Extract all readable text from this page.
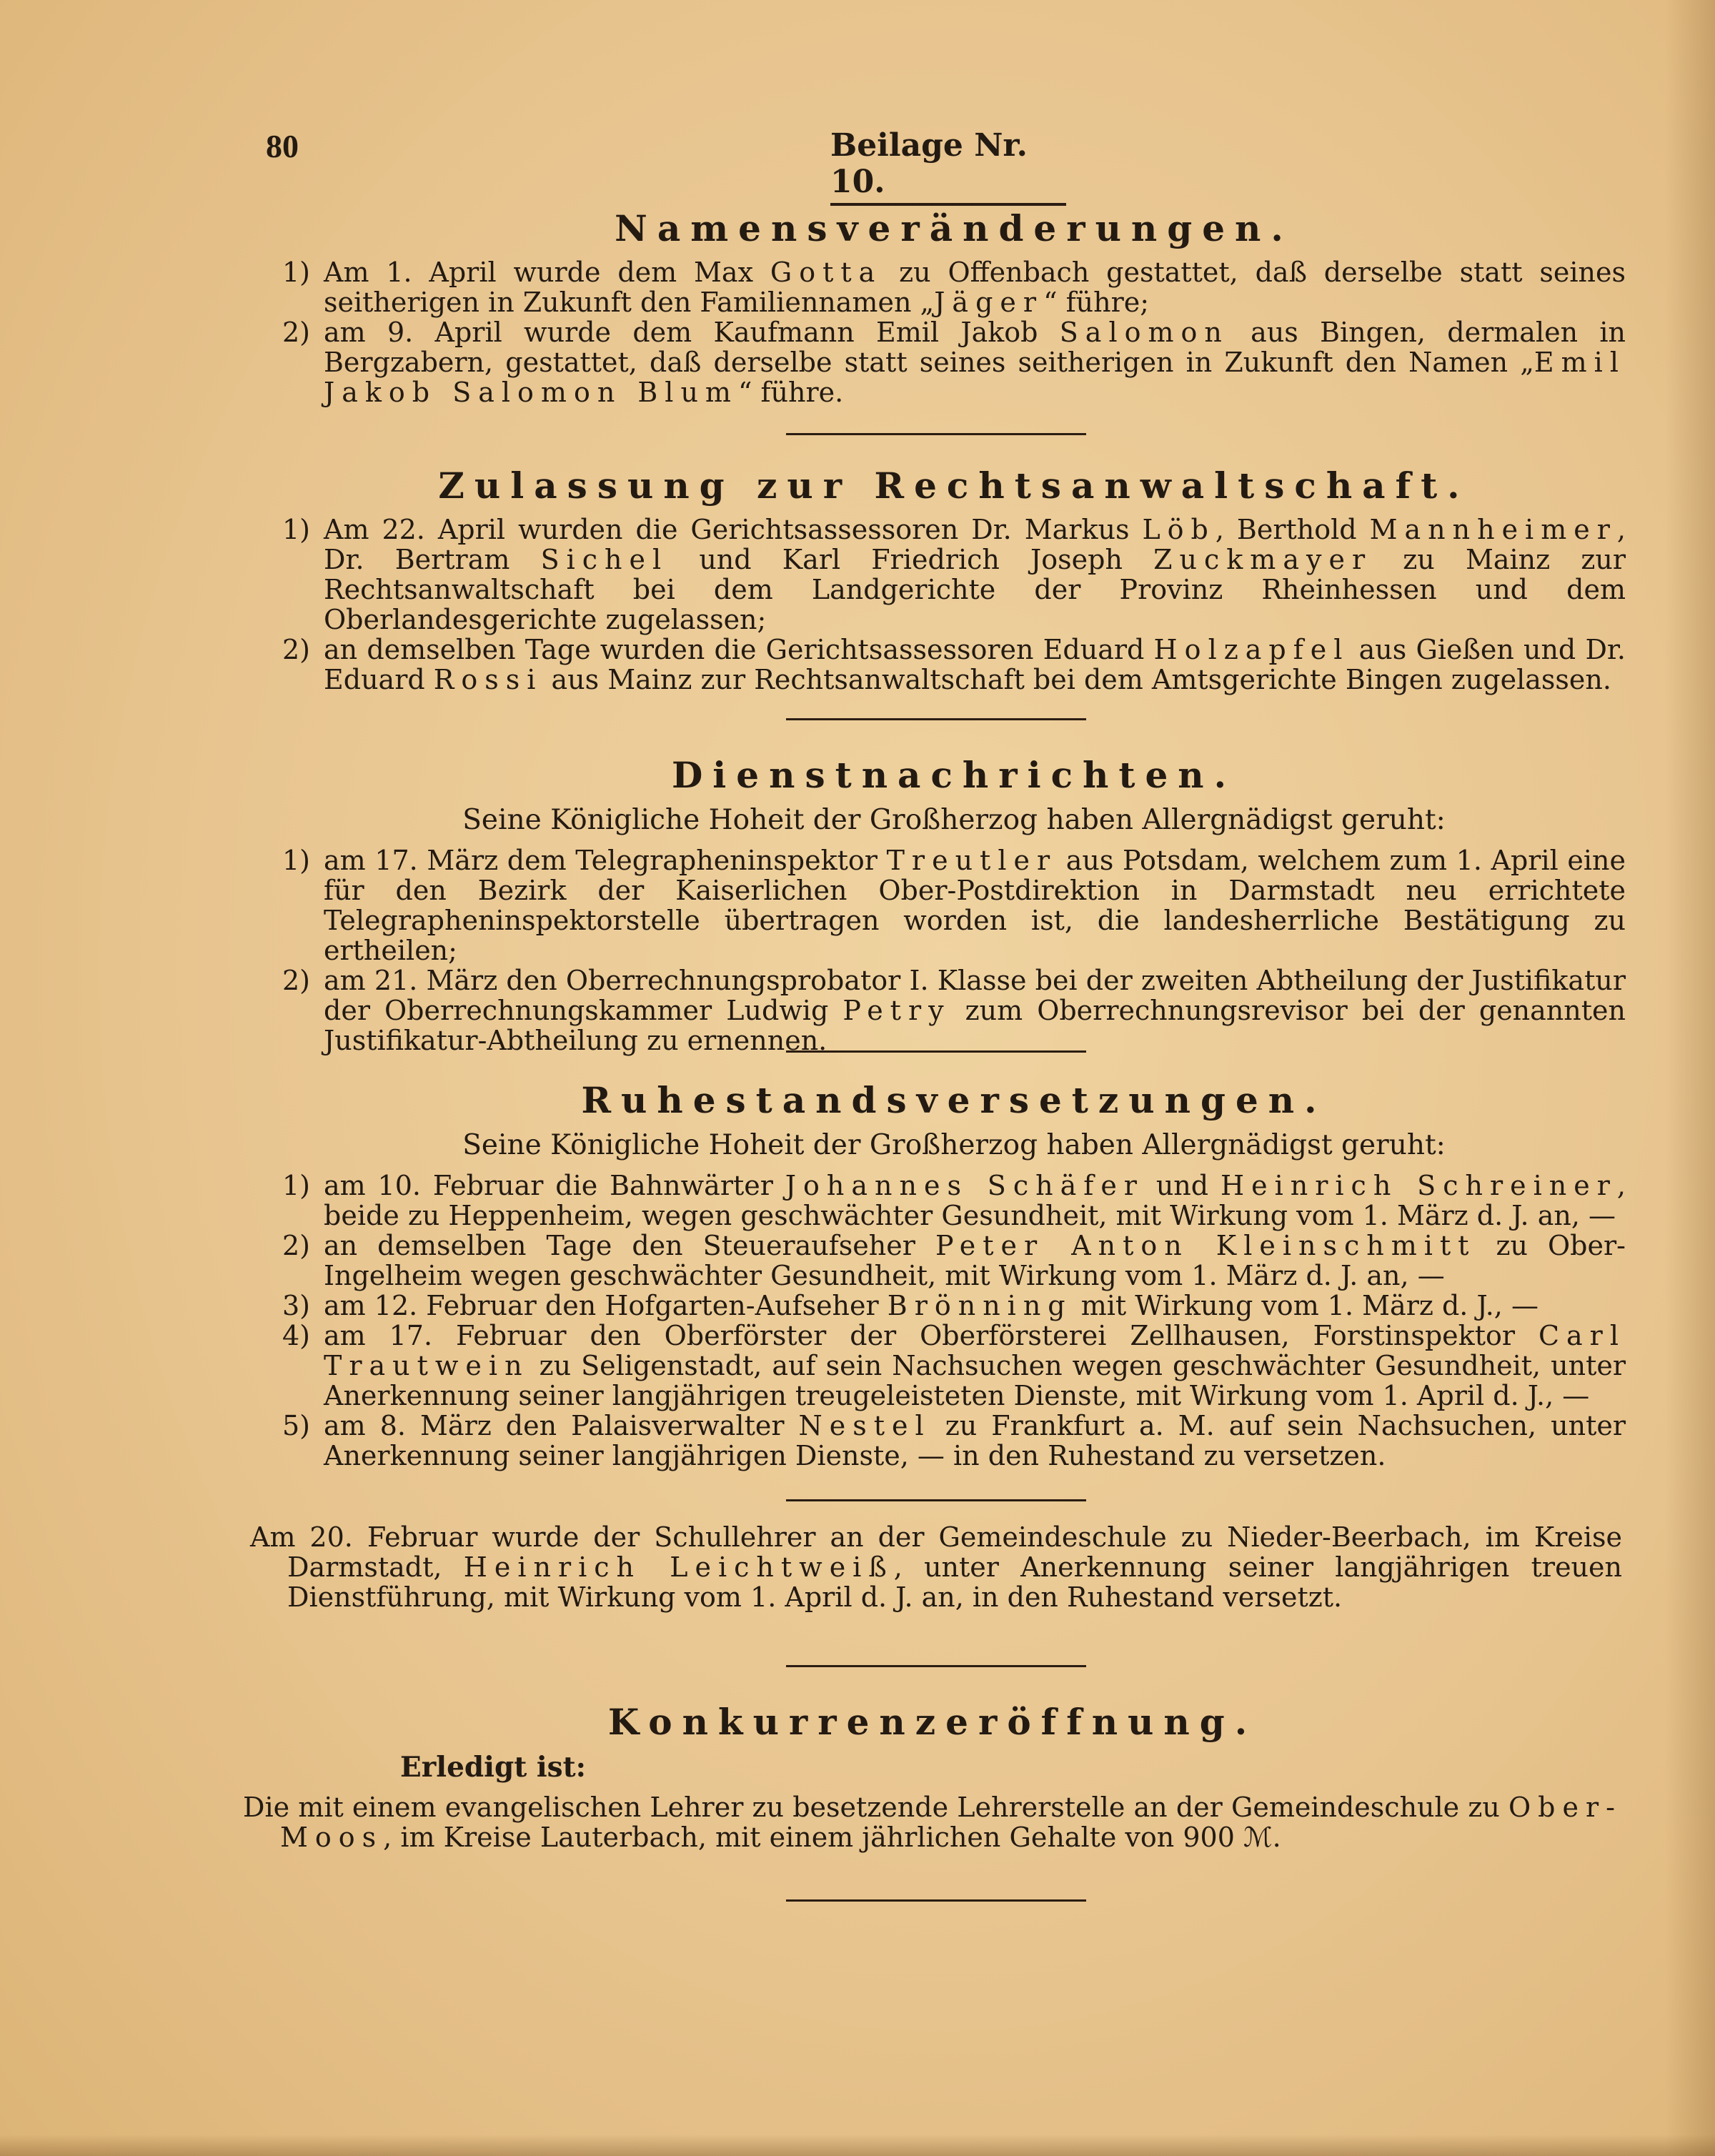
80	Beilage Nr. 10.
Namensveränderungen.

1) Am 1. April wurde dem Max Gotta zu Offenbach gestattet, daß derselbe statt seines seitherigen in Zukunft den Familiennamen „Jäger“ führe;

2) am 9. April wurde dem Kaufmann Emil Jakob Salomon aus Bingen, dermalen in Bergzabern, gestattet, daß derselbe statt seines seitherigen in Zukunft den Namen „Emil Jakob Salomon Blum“ führe.

Zulassung zur Rechtsanwaltschaft.

1) Am 22. April wurden die Gerichtsassessoren Dr. Markus Löb, Berthold Mannheimer, Dr. Bertram Sichel und Karl Friedrich Joseph Zuckmayer zu Mainz zur Rechtsanwaltschaft bei dem Landgerichte der Provinz Rheinhessen und dem Oberlandesgerichte zugelassen;

2) an demselben Tage wurden die Gerichtsassessoren Eduard Holzapfel aus Gießen und Dr. Eduard Rossi aus Mainz zur Rechtsanwaltschaft bei dem Amtsgerichte Bingen zugelassen.

Dienstnachrichten.

Seine Königliche Hoheit der Großherzog haben Allergnädigst geruht:

1) am 17. März dem Telegrapheninspektor Treutler aus Potsdam, welchem zum 1. April eine für den Bezirk der Kaiserlichen Ober-Postdirektion in Darmstadt neu errichtete Telegrapheninspektorstelle übertragen worden ist, die landesherrliche Bestätigung zu ertheilen;

2) am 21. März den Oberrechnungsprobator I. Klasse bei der zweiten Abtheilung der Justifikatur der Oberrechnungskammer Ludwig Petry zum Oberrechnungsrevisor bei der genannten Justifikatur-Abtheilung zu ernennen.

Ruhestandsversetzungen.

Seine Königliche Hoheit der Großherzog haben Allergnädigst geruht:

1) am 10. Februar die Bahnwärter Johannes Schäfer und Heinrich Schreiner, beide zu Heppenheim, wegen geschwächter Gesundheit, mit Wirkung vom 1. März d. J. an, —

2) an demselben Tage den Steueraufseher Peter Anton Kleinschmitt zu Ober-Ingelheim wegen geschwächter Gesundheit, mit Wirkung vom 1. März d. J. an, —

3) am 12. Februar den Hofgarten-Aufseher Brönning mit Wirkung vom 1. März d. J., —

4) am 17. Februar den Oberförster der Oberförsterei Zellhausen, Forstinspektor Carl Trautwein zu Seligenstadt, auf sein Nachsuchen wegen geschwächter Gesundheit, unter Anerkennung seiner langjährigen treugeleisteten Dienste, mit Wirkung vom 1. April d. J., —

5) am 8. März den Palaisverwalter Nestel zu Frankfurt a. M. auf sein Nachsuchen, unter Anerkennung seiner langjährigen Dienste, — in den Ruhestand zu versetzen.

Am 20. Februar wurde der Schullehrer an der Gemeindeschule zu Nieder-Beerbach, im Kreise Darmstadt, Heinrich Leichtweiß, unter Anerkennung seiner langjährigen treuen Dienstführung, mit Wirkung vom 1. April d. J. an, in den Ruhestand versetzt.

Konkurrenzeröffnung.

Erledigt ist:

Die mit einem evangelischen Lehrer zu besetzende Lehrerstelle an der Gemeindeschule zu Ober-Moos, im Kreise Lauterbach, mit einem jährlichen Gehalte von 900 ℳ.
